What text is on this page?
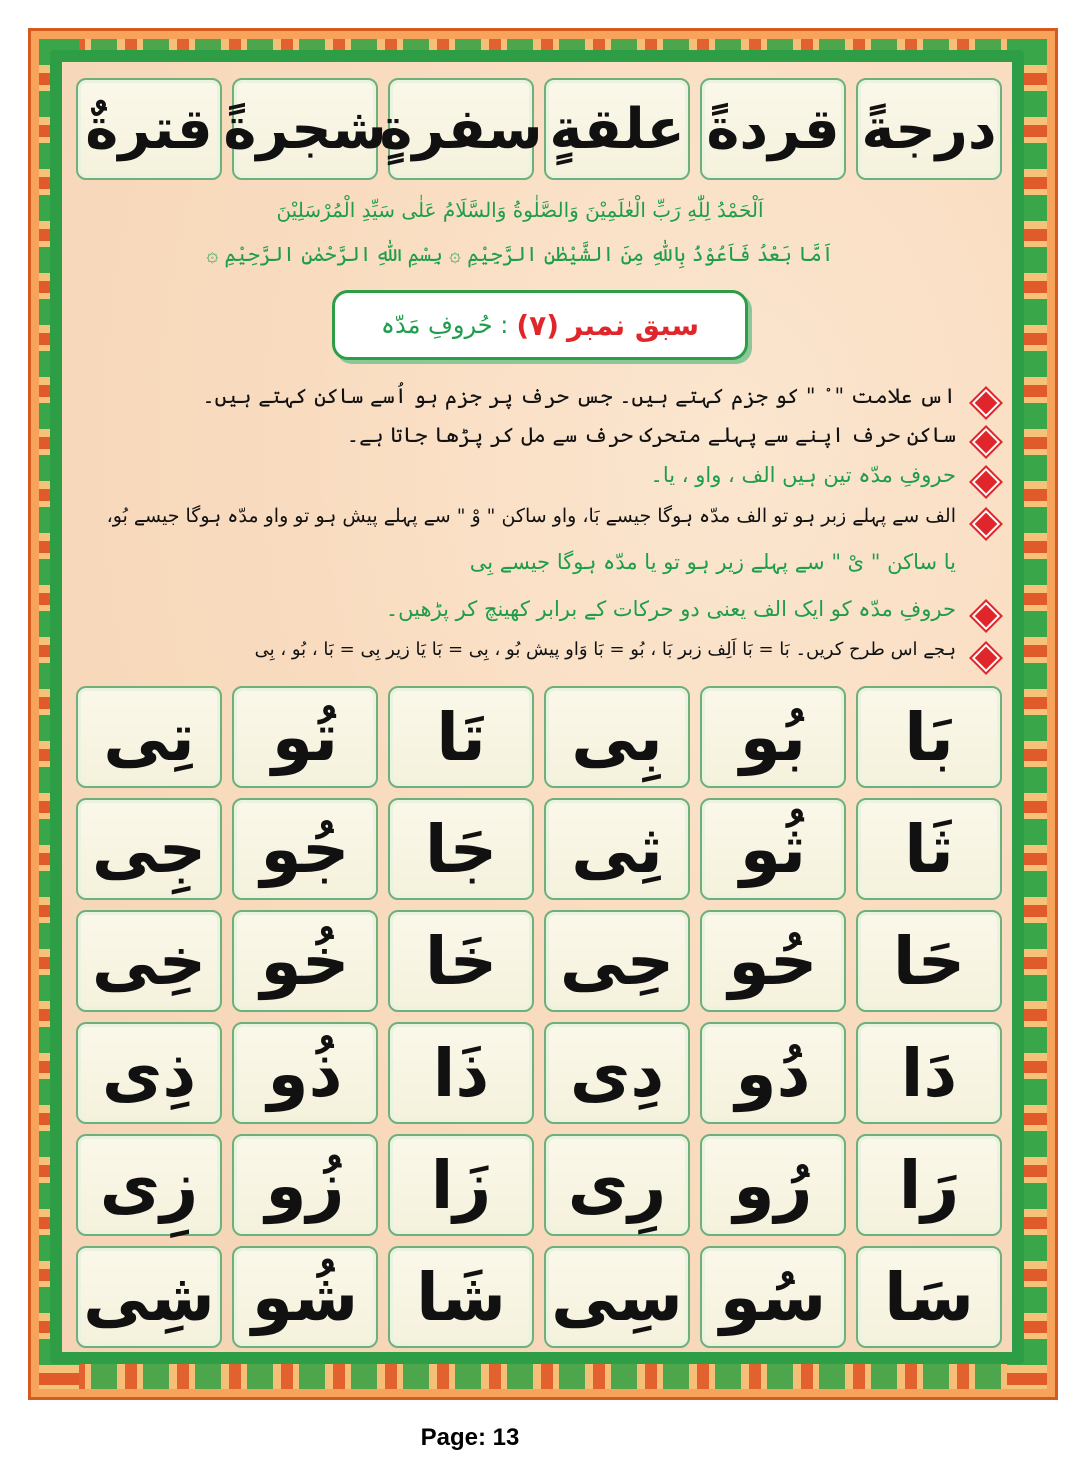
درجة
قردة
علقة
سفرة
شجرة
قترة
اَلْحَمْدُ لِلّٰهِ رَبِّ الْعٰلَمِيْنَ وَالصَّلٰوةُ وَالسَّلَامُ عَلٰى سَيِّدِ الْمُرْسَلِيْنَ
اَمَّا بَعْدُ فَاَعُوْذُ بِاللّٰهِ مِنَ الشَّيْطٰنِ الرَّجِيْمِ ۞ بِسْمِ اللّٰهِ الرَّحْمٰنِ الرَّحِيْمِ ۞
سبق نمبر
(۷)
: حُروفِ مَدّہ
اس علامت " ْ " کو جزم کہتے ہیں۔ جس حرف پر جزم ہو اُسے ساکن کہتے ہیں۔
ساکن حرف اپنے سے پہلے متحرک حرف سے مل کر پڑھا جاتا ہے۔
حروفِ مدّہ تین ہیں الف ، واو ، یا۔
الف سے پہلے زبر ہو تو الف مدّہ ہوگا جیسے بَا، واو ساکن " وْ " سے پہلے پیش ہو تو واو مدّہ ہوگا جیسے بُو،
یا ساکن " یْ " سے پہلے زیر ہو تو یا مدّہ ہوگا جیسے بِی
حروفِ مدّہ کو ایک الف یعنی دو حرکات کے برابر کھینچ کر پڑھیں۔
ہجے اس طرح کریں۔ بَا = بَا اَلِف زبر بَا ، بُو = بَا وَاو پیش بُو ، بِی = بَا یَا زیر بِی = بَا ، بُو ، بِی
بَا
بُو
بِی
تَا
تُو
تِی
ثَا
ثُو
ثِی
جَا
جُو
جِی
حَا
حُو
حِی
خَا
خُو
خِی
دَا
دُو
دِی
ذَا
ذُو
ذِی
رَا
رُو
رِی
زَا
زُو
زِی
سَا
سُو
سِی
شَا
شُو
شِی
Page: 13
